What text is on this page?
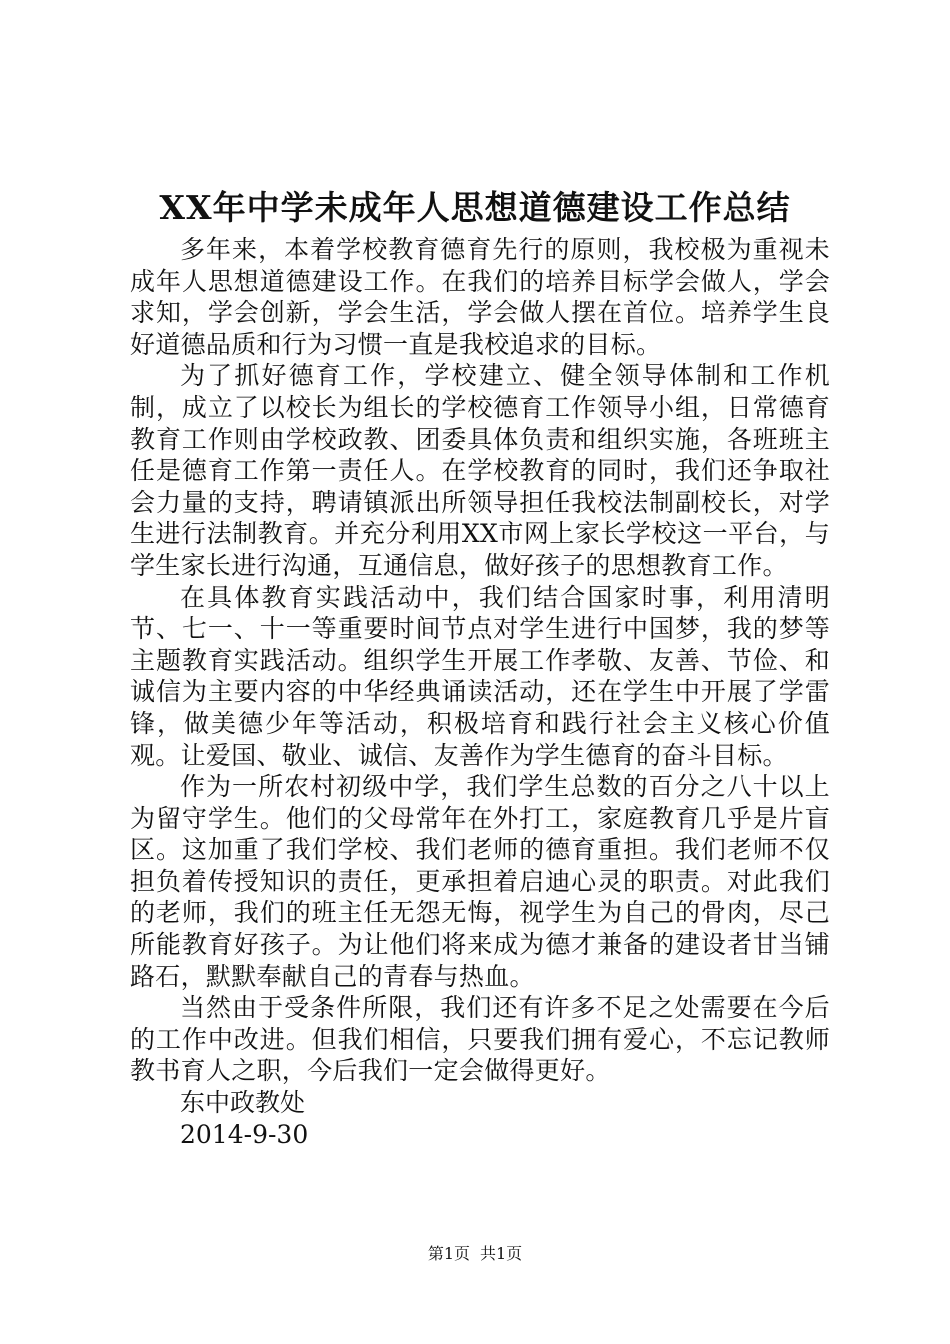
XX年中学未成年人思想道德建设工作总结

多年来，本着学校教育德育先行的原则，我校极为重视未成年人思想道德建设工作。在我们的培养目标学会做人，学会求知，学会创新，学会生活，学会做人摆在首位。培养学生良好道德品质和行为习惯一直是我校追求的目标。

为了抓好德育工作，学校建立、健全领导体制和工作机制，成立了以校长为组长的学校德育工作领导小组，日常德育教育工作则由学校政教、团委具体负责和组织实施，各班班主任是德育工作第一责任人。在学校教育的同时，我们还争取社会力量的支持，聘请镇派出所领导担任我校法制副校长，对学生进行法制教育。并充分利用XX市网上家长学校这一平台，与学生家长进行沟通，互通信息，做好孩子的思想教育工作。

在具体教育实践活动中，我们结合国家时事，利用清明节、七一、十一等重要时间节点对学生进行中国梦，我的梦等主题教育实践活动。组织学生开展工作孝敬、友善、节俭、和诚信为主要内容的中华经典诵读活动，还在学生中开展了学雷锋，做美德少年等活动，积极培育和践行社会主义核心价值观。让爱国、敬业、诚信、友善作为学生德育的奋斗目标。

作为一所农村初级中学，我们学生总数的百分之八十以上为留守学生。他们的父母常年在外打工，家庭教育几乎是片盲区。这加重了我们学校、我们老师的德育重担。我们老师不仅担负着传授知识的责任，更承担着启迪心灵的职责。对此我们的老师，我们的班主任无怨无悔，视学生为自己的骨肉，尽己所能教育好孩子。为让他们将来成为德才兼备的建设者甘当铺路石，默默奉献自己的青春与热血。

当然由于受条件所限，我们还有许多不足之处需要在今后的工作中改进。但我们相信，只要我们拥有爱心，不忘记教师教书育人之职，今后我们一定会做得更好。

东中政教处

2014-9-30

第1页 共1页
